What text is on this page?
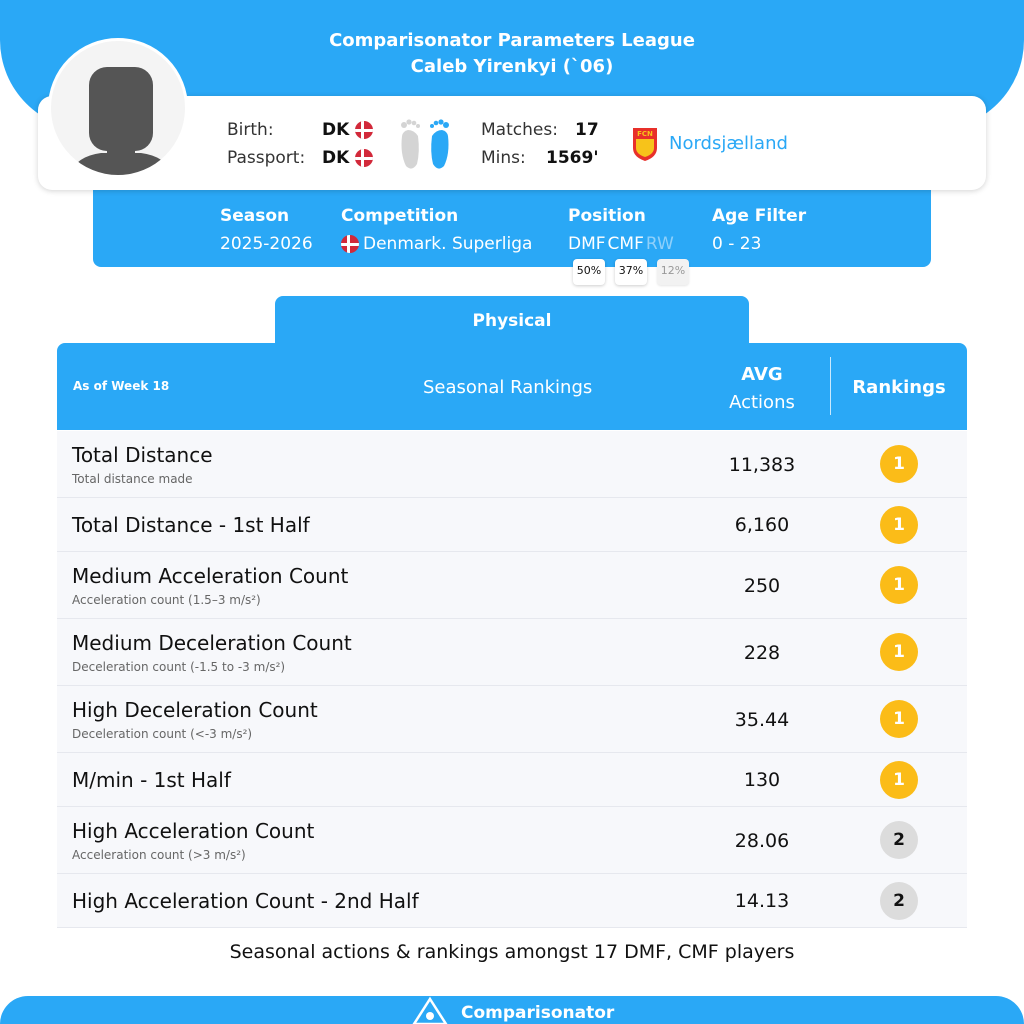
Comparisonator Parameters League
Caleb Yirenkyi (`06)
Birth:	DK
Passport: DK
Matches: 17
Mins: 1569'
FCN Nordsjælland
Season
2025-2026
Competition
Denmark. Superliga
Position
DMF CMF RW
50%	37%	12%
Age Filter
0 - 23
Physical
As of Week 18	Seasonal Rankings
AVG
Actions
Rankings
Total Distance
Total distance made
11,383	1
Total Distance - 1st Half	6,160	1
Medium Acceleration Count
Acceleration count (1.5–3 m/s²)
250	1
Medium Deceleration Count
Deceleration count (-1.5 to -3 m/s²)
228	1
High Deceleration Count
Deceleration count (<-3 m/s²)
35.44	1
M/min - 1st Half	130	1
High Acceleration Count
Acceleration count (>3 m/s²)
28.06	2
High Acceleration Count - 2nd Half	14.13	2
Seasonal actions & rankings amongst 17 DMF, CMF players
Comparisonator
